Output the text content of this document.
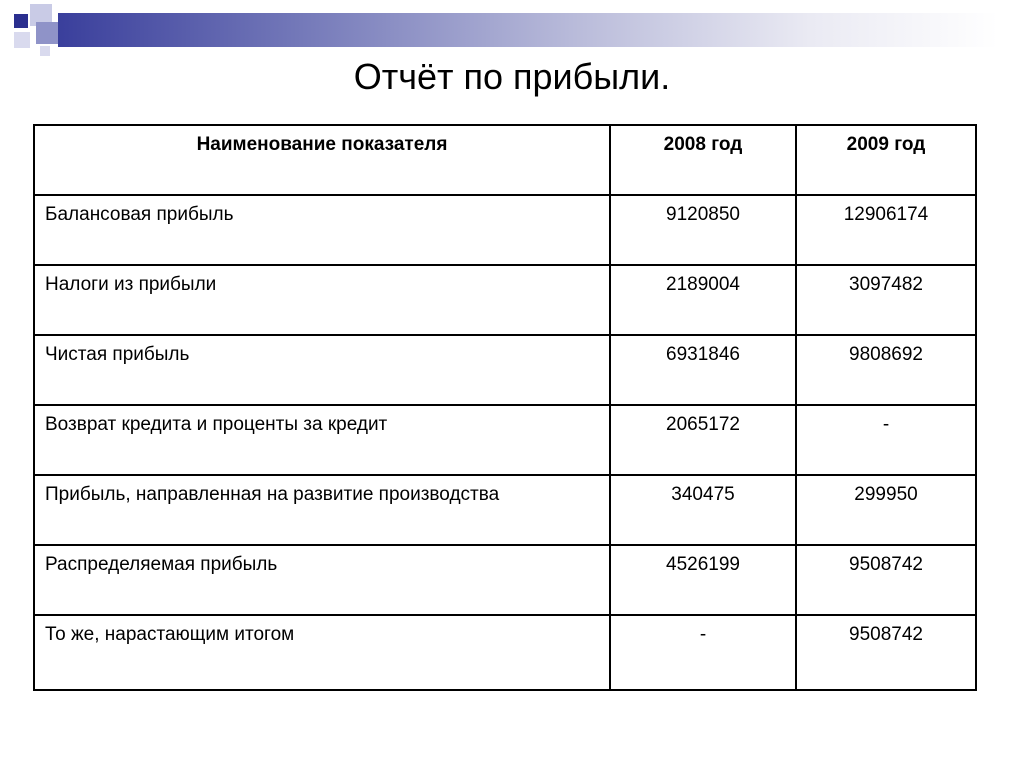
Отчёт по прибыли.
Наименование показателя	2008 год	2009 год
Балансовая прибыль	9120850	12906174
Налоги из прибыли	2189004	3097482
Чистая прибыль	6931846	9808692
Возврат кредита и проценты за кредит	2065172	-
Прибыль, направленная на развитие производства	340475	299950
Распределяемая прибыль	4526199	9508742
То же, нарастающим итогом	-	9508742
